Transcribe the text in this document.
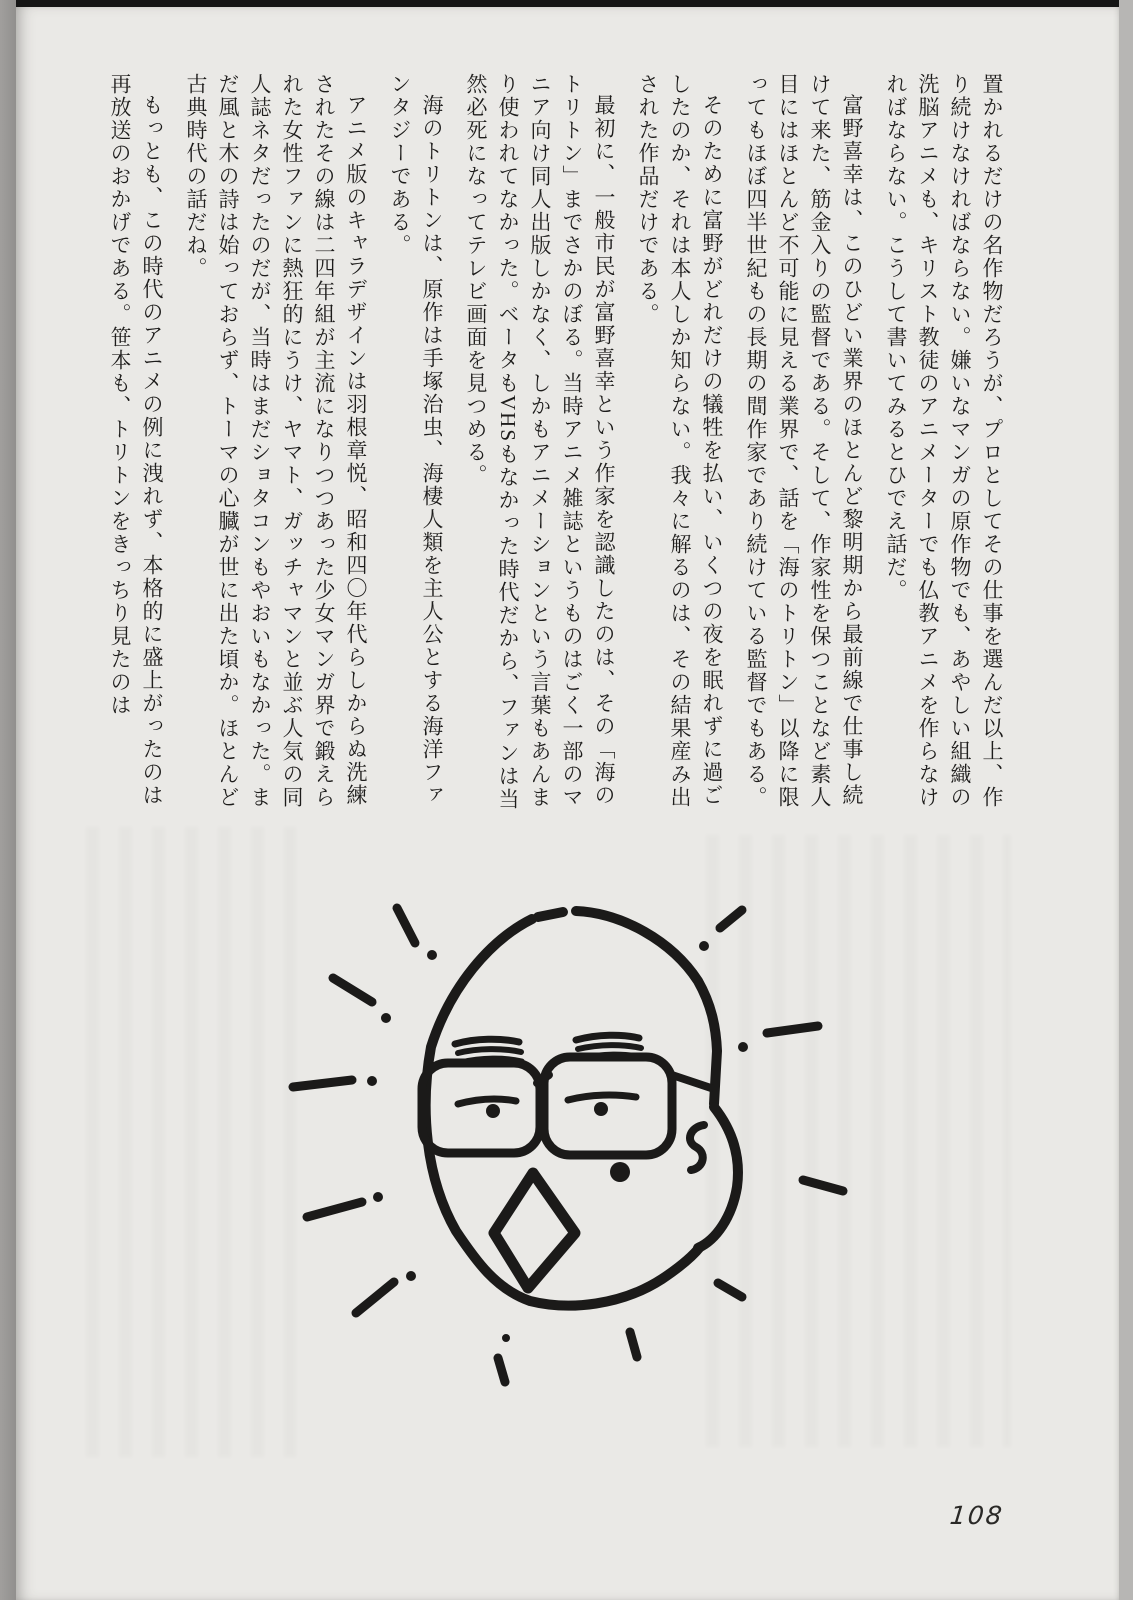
置かれるだけの名作物だろうが、プロとしてその仕事を選んだ以上、作り続けなければならない。嫌いなマンガの原作物でも、あやしい組織の洗脳アニメも、キリスト教徒のアニメーターでも仏教アニメを作らなければならない。こうして書いてみるとひでえ話だ。

富野喜幸は、このひどい業界のほとんど黎明期から最前線で仕事し続けて来た、筋金入りの監督である。そして、作家性を保つことなど素人目にはほとんど不可能に見える業界で、話を「海のトリトン」以降に限ってもほぼ四半世紀もの長期の間作家であり続けている監督でもある。

そのために富野がどれだけの犠牲を払い、いくつの夜を眠れずに過ごしたのか、それは本人しか知らない。我々に解るのは、その結果産み出された作品だけである。

最初に、一般市民が富野喜幸という作家を認識したのは、その「海のトリトン」までさかのぼる。当時アニメ雑誌というものはごく一部のマニア向け同人出版しかなく、しかもアニメーションという言葉もあんまり使われてなかった。ベータもVHSもなかった時代だから、ファンは当然必死になってテレビ画面を見つめる。

海のトリトンは、原作は手塚治虫、海棲人類を主人公とする海洋ファンタジーである。

アニメ版のキャラデザインは羽根章悦、昭和四〇年代らしからぬ洗練されたその線は二四年組が主流になりつつあった少女マンガ界で鍛えられた女性ファンに熱狂的にうけ、ヤマト、ガッチャマンと並ぶ人気の同人誌ネタだったのだが、当時はまだショタコンもやおいもなかった。まだ風と木の詩は始っておらず、トーマの心臓が世に出た頃か。ほとんど古典時代の話だね。

もっとも、この時代のアニメの例に洩れず、本格的に盛上がったのは再放送のおかげである。笹本も、トリトンをきっちり見たのは

108
